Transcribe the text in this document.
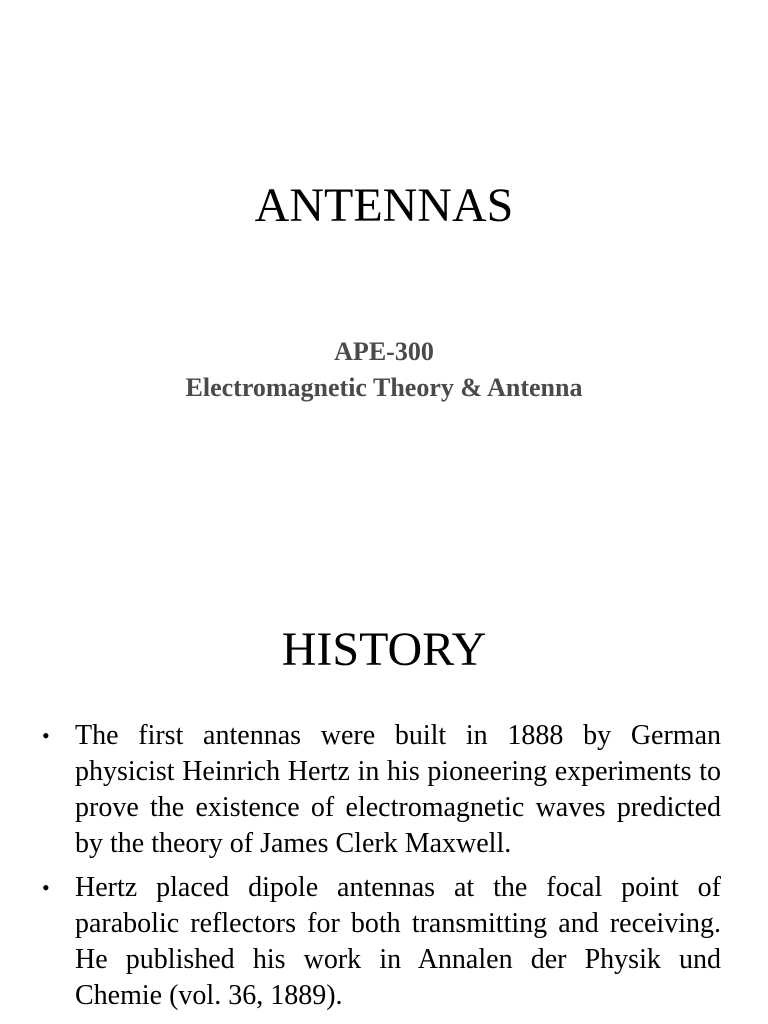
ANTENNAS
APE-300
Electromagnetic Theory & Antenna
HISTORY
• The first antennas were built in 1888 by German physicist Heinrich Hertz in his pioneering experiments to prove the existence of electromagnetic waves predicted by the theory of James Clerk Maxwell.
• Hertz placed dipole antennas at the focal point of parabolic reflectors for both transmitting and receiving. He published his work in Annalen der Physik und Chemie (vol. 36, 1889).
